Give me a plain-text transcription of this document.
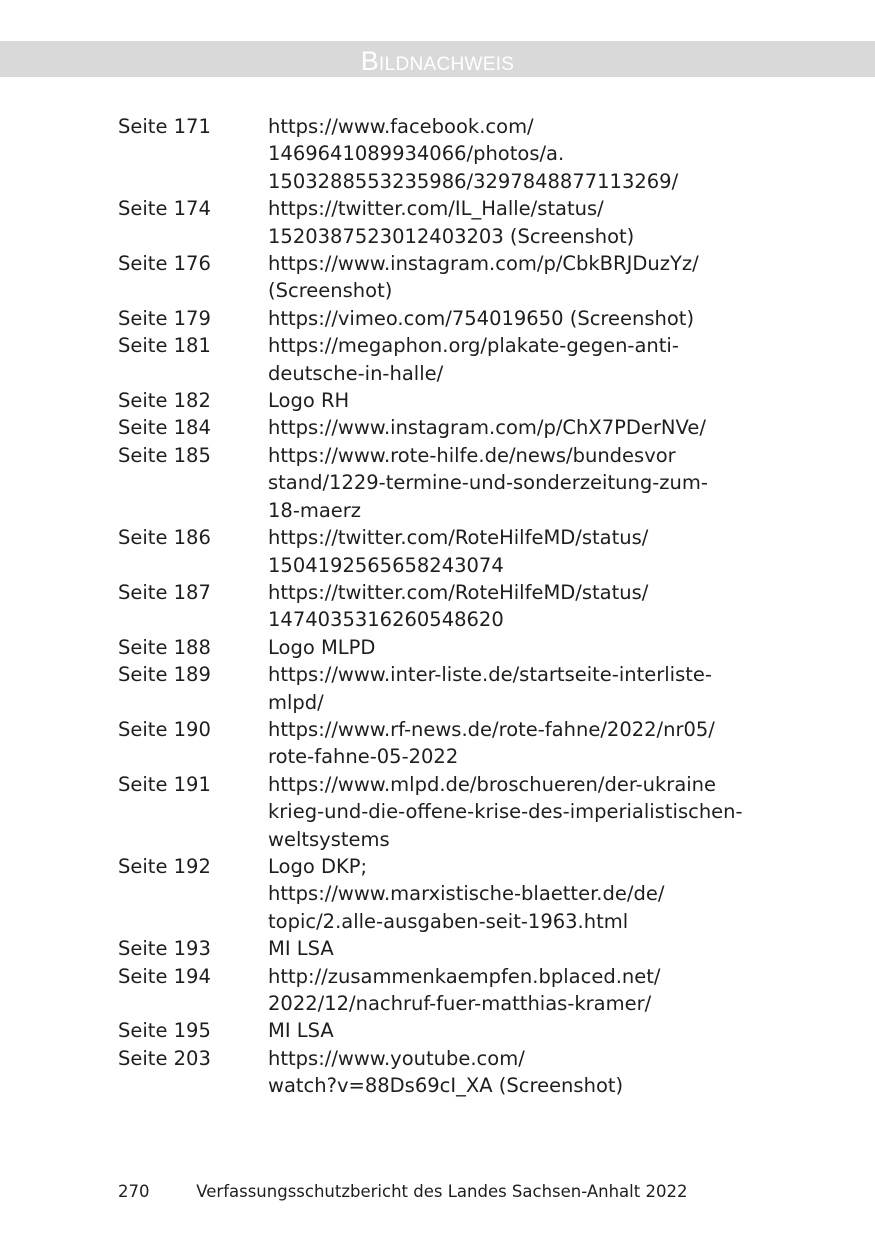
Bildnachweis
Seite 171	https://www.facebook.com/
1469641089934066/photos/a.
1503288553235986/3297848877113269/
Seite 174	https://twitter.com/IL_Halle/status/
1520387523012403203 (Screenshot)
Seite 176	https://www.instagram.com/p/CbkBRJDuzYz/
(Screenshot)
Seite 179	https://vimeo.com/754019650 (Screenshot)
Seite 181	https://megaphon.org/plakate-gegen-anti-
deutsche-in-halle/
Seite 182	Logo RH
Seite 184	https://www.instagram.com/p/ChX7PDerNVe/
Seite 185	https://www.rote-hilfe.de/news/bundesvor
stand/1229-termine-und-sonderzeitung-zum-
18-maerz
Seite 186	https://twitter.com/RoteHilfeMD/status/
1504192565658243074
Seite 187	https://twitter.com/RoteHilfeMD/status/
1474035316260548620
Seite 188	Logo MLPD
Seite 189	https://www.inter-liste.de/startseite-interliste-
mlpd/
Seite 190	https://www.rf-news.de/rote-fahne/2022/nr05/
rote-fahne-05-2022
Seite 191	https://www.mlpd.de/broschueren/der-ukraine
krieg-und-die-offene-krise-des-imperialistischen-
weltsystems
Seite 192	Logo DKP;
https://www.marxistische-blaetter.de/de/
topic/2.alle-ausgaben-seit-1963.html
Seite 193	MI LSA
Seite 194	http://zusammenkaempfen.bplaced.net/
2022/12/nachruf-fuer-matthias-kramer/
Seite 195	MI LSA
Seite 203	https://www.youtube.com/
watch?v=88Ds69cI_XA (Screenshot)
270	Verfassungsschutzbericht des Landes Sachsen-Anhalt 2022
